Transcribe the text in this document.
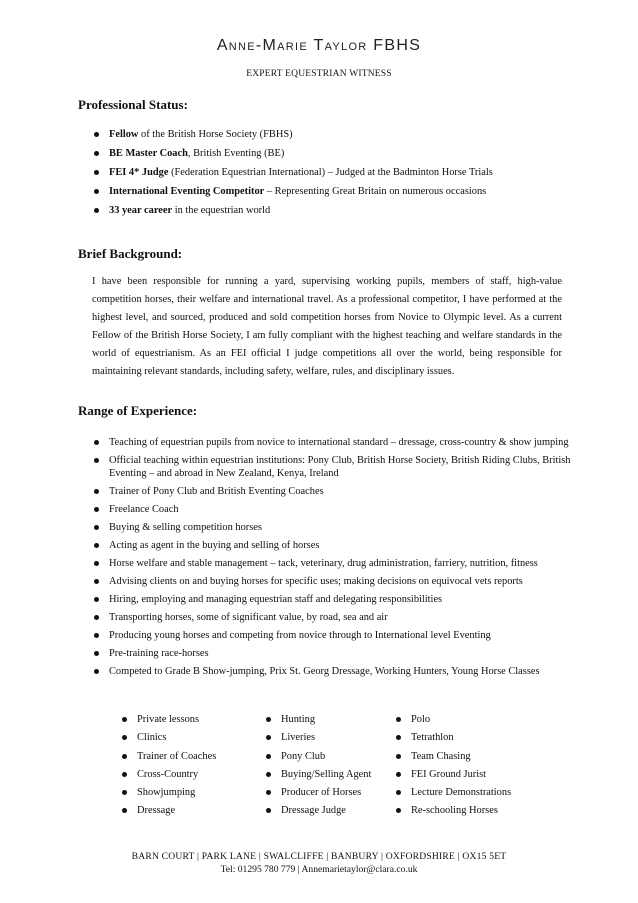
Anne-Marie Taylor FBHS
EXPERT EQUESTRIAN WITNESS
Professional Status:
Fellow of the British Horse Society (FBHS)
BE Master Coach, British Eventing (BE)
FEI 4* Judge (Federation Equestrian International) – Judged at the Badminton Horse Trials
International Eventing Competitor – Representing Great Britain on numerous occasions
33 year career in the equestrian world
Brief Background:
I have been responsible for running a yard, supervising working pupils, members of staff, high-value competition horses, their welfare and international travel. As a professional competitor, I have performed at the highest level, and sourced, produced and sold competition horses from Novice to Olympic level. As a current Fellow of the British Horse Society, I am fully compliant with the highest teaching and welfare standards in the world of equestrianism. As an FEI official I judge competitions all over the world, being responsible for maintaining relevant standards, including safety, welfare, rules, and disciplinary issues.
Range of Experience:
Teaching of equestrian pupils from novice to international standard – dressage, cross-country & show jumping
Official teaching within equestrian institutions: Pony Club, British Horse Society, British Riding Clubs, British Eventing – and abroad in New Zealand, Kenya, Ireland
Trainer of Pony Club and British Eventing Coaches
Freelance Coach
Buying & selling competition horses
Acting as agent in the buying and selling of horses
Horse welfare and stable management – tack, veterinary, drug administration, farriery, nutrition, fitness
Advising clients on and buying horses for specific uses; making decisions on equivocal vets reports
Hiring, employing and managing equestrian staff and delegating responsibilities
Transporting horses, some of significant value, by road, sea and air
Producing young horses and competing from novice through to International level Eventing
Pre-training race-horses
Competed to Grade B Show-jumping, Prix St. Georg Dressage, Working Hunters, Young Horse Classes
Private lessons
Clinics
Trainer of Coaches
Cross-Country
Showjumping
Dressage
Hunting
Liveries
Pony Club
Buying/Selling Agent
Producer of Horses
Dressage Judge
Polo
Tetrathlon
Team Chasing
FEI Ground Jurist
Lecture Demonstrations
Re-schooling Horses
BARN COURT | PARK LANE | SWALCLIFFE | BANBURY | OXFORDSHIRE | OX15 5ET
Tel: 01295 780 779 | Annemarietaylor@clara.co.uk
